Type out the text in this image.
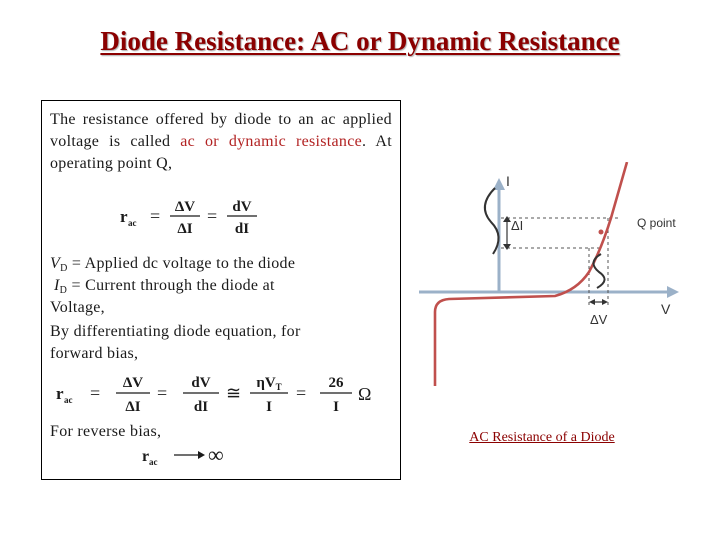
Diode Resistance: AC or Dynamic Resistance
The resistance offered by diode to an ac applied voltage is called ac or dynamic resistance. At operating point Q,
r ac = ΔV
ΔI
= dV
dI
$V_D$ = Applied dc voltage to the diode
$I_D$ = Current through the diode at
Voltage,
By differentiating diode equation, for
forward bias,
r ac = ΔV
ΔI
= dV
dI
≅ $\eta V_T$
I
= 26
I
Ω
For reverse bias,
r ac ∞
I
V
ΔI	Q point
ΔV
AC Resistance of a Diode
